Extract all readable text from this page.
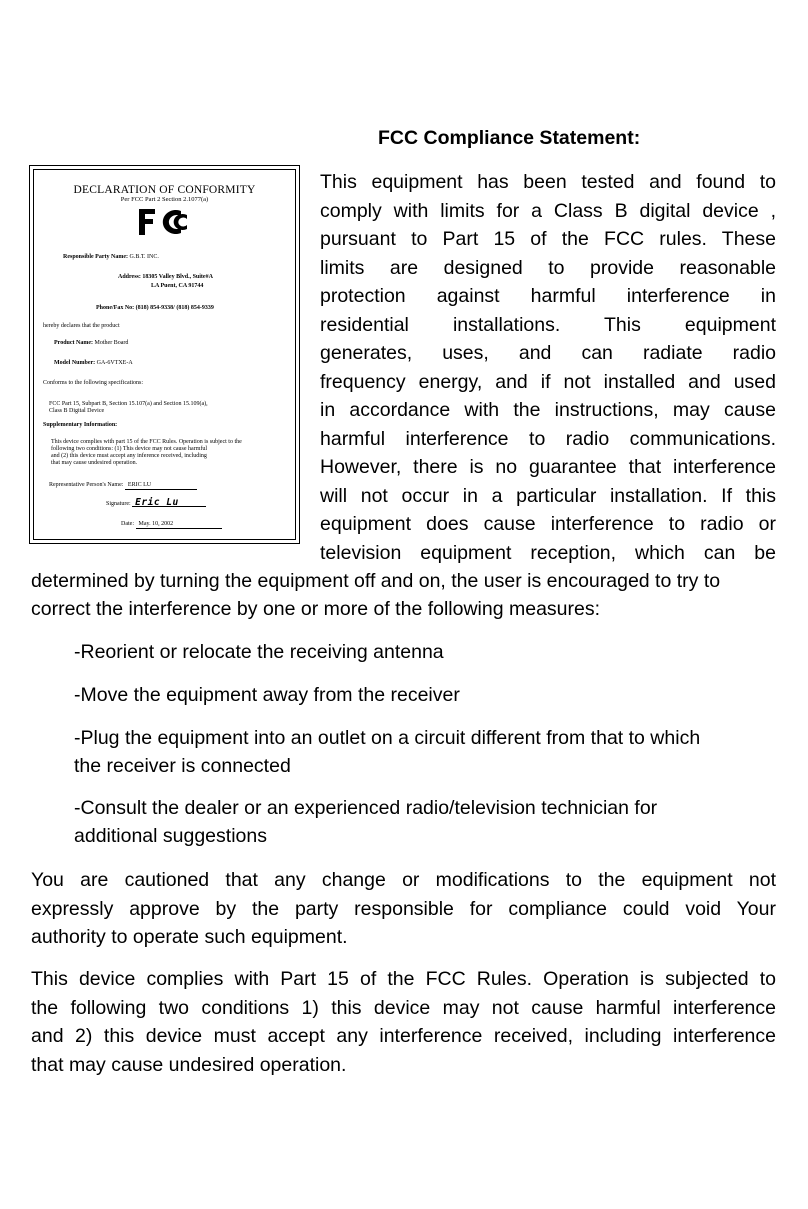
FCC Compliance Statement:
DECLARATION OF CONFORMITY
Per FCC Part 2 Section 2.1077(a)
Responsible Party Name: G.B.T. INC.
Address: 18305 Valley Blvd., Suite#A
LA Puent, CA 91744
Phone/Fax No: (818) 854-9338/ (818) 854-9339
hereby declares that the product
Product Name: Mother Board
Model Number: GA-6VTXE-A
Conforms to the following specifications:
FCC Part 15, Subpart B, Section 15.107(a) and Section 15.109(a),
Class B Digital Device
Supplementary Information:
This device complies with part 15 of the FCC Rules. Operation is subject to the
following two conditions: (1) This device may not cause harmful
and (2) this device must accept any inference received, including
that may cause undesired operation.
Representative Person's Name: ERIC LU
Signature: Eric Lu
Date: May. 10, 2002
This equipment has been tested and found to
comply with limits for a Class B digital device ,
pursuant to Part 15 of the FCC rules. These
limits are designed to provide reasonable
protection against harmful interference in
residential installations. This equipment
generates, uses, and can radiate radio
frequency energy, and if not installed and used
in accordance with the instructions, may cause
harmful interference to radio communications.
However, there is no guarantee that interference
will not occur in a particular installation. If this
equipment does cause interference to radio or
television equipment reception, which can be
determined by turning the equipment off and on, the user is encouraged to try to
correct the interference by one or more of the following measures:
-Reorient or relocate the receiving antenna
-Move the equipment away from the receiver
-Plug the equipment into an outlet on a circuit different from that to which
the receiver is connected
-Consult the dealer or an experienced radio/television technician for
additional suggestions
You are cautioned that any change or modifications to the equipment not
expressly approve by the party responsible for compliance could void Your
authority to operate such equipment.
This device complies with Part 15 of the FCC Rules. Operation is subjected to
the following two conditions 1) this device may not cause harmful interference
and 2) this device must accept any interference received, including interference
that may cause undesired operation.
